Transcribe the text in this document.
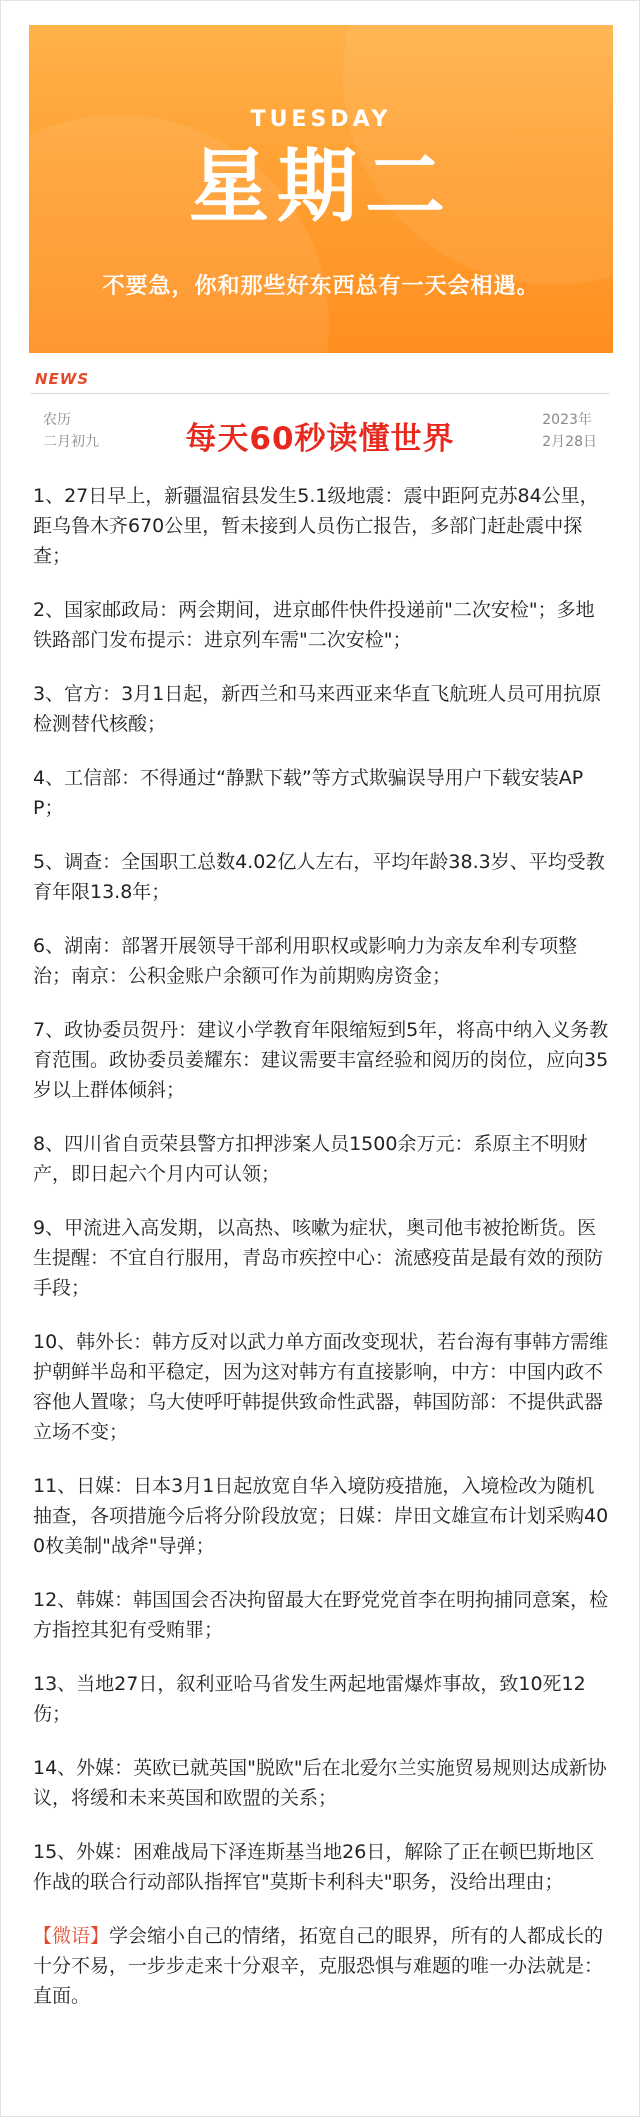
TUESDAY
星期二
不要急，你和那些好东西总有一天会相遇。
NEWS
农历
二月初九	每天60秒读懂世界
2023年
2月28日

1、27日早上，新疆温宿县发生5.1级地震：震中距阿克苏84公里，距乌鲁木齐670公里，暂未接到人员伤亡报告，多部门赶赴震中探查；

2、国家邮政局：两会期间，进京邮件快件投递前"二次安检"；多地铁路部门发布提示：进京列车需"二次安检"；

3、官方：3月1日起，新西兰和马来西亚来华直飞航班人员可用抗原检测替代核酸；

4、工信部：不得通过“静默下载”等方式欺骗误导用户下载安装APP；

5、调查：全国职工总数4.02亿人左右，平均年龄38.3岁、平均受教育年限13.8年；

6、湖南：部署开展领导干部利用职权或影响力为亲友牟利专项整治；南京：公积金账户余额可作为前期购房资金；

7、政协委员贺丹：建议小学教育年限缩短到5年，将高中纳入义务教育范围。政协委员姜耀东：建议需要丰富经验和阅历的岗位，应向35岁以上群体倾斜；

8、四川省自贡荣县警方扣押涉案人员1500余万元：系原主不明财产，即日起六个月内可认领；

9、甲流进入高发期，以高热、咳嗽为症状，奥司他韦被抢断货。医生提醒：不宜自行服用，青岛市疾控中心：流感疫苗是最有效的预防手段；

10、韩外长：韩方反对以武力单方面改变现状，若台海有事韩方需维护朝鲜半岛和平稳定，因为这对韩方有直接影响，中方：中国内政不容他人置喙；乌大使呼吁韩提供致命性武器，韩国防部：不提供武器立场不变；

11、日媒：日本3月1日起放宽自华入境防疫措施，入境检改为随机抽查，各项措施今后将分阶段放宽；日媒：岸田文雄宣布计划采购400枚美制"战斧"导弹；

12、韩媒：韩国国会否决拘留最大在野党党首李在明拘捕同意案，检方指控其犯有受贿罪；

13、当地27日，叙利亚哈马省发生两起地雷爆炸事故，致10死12伤；

14、外媒：英欧已就英国"脱欧"后在北爱尔兰实施贸易规则达成新协议，将缓和未来英国和欧盟的关系；

15、外媒：困难战局下泽连斯基当地26日，解除了正在顿巴斯地区作战的联合行动部队指挥官"莫斯卡利科夫"职务，没给出理由；

【微语】学会缩小自己的情绪，拓宽自己的眼界，所有的人都成长的十分不易，一步步走来十分艰辛，克服恐惧与难题的唯一办法就是：直面。
